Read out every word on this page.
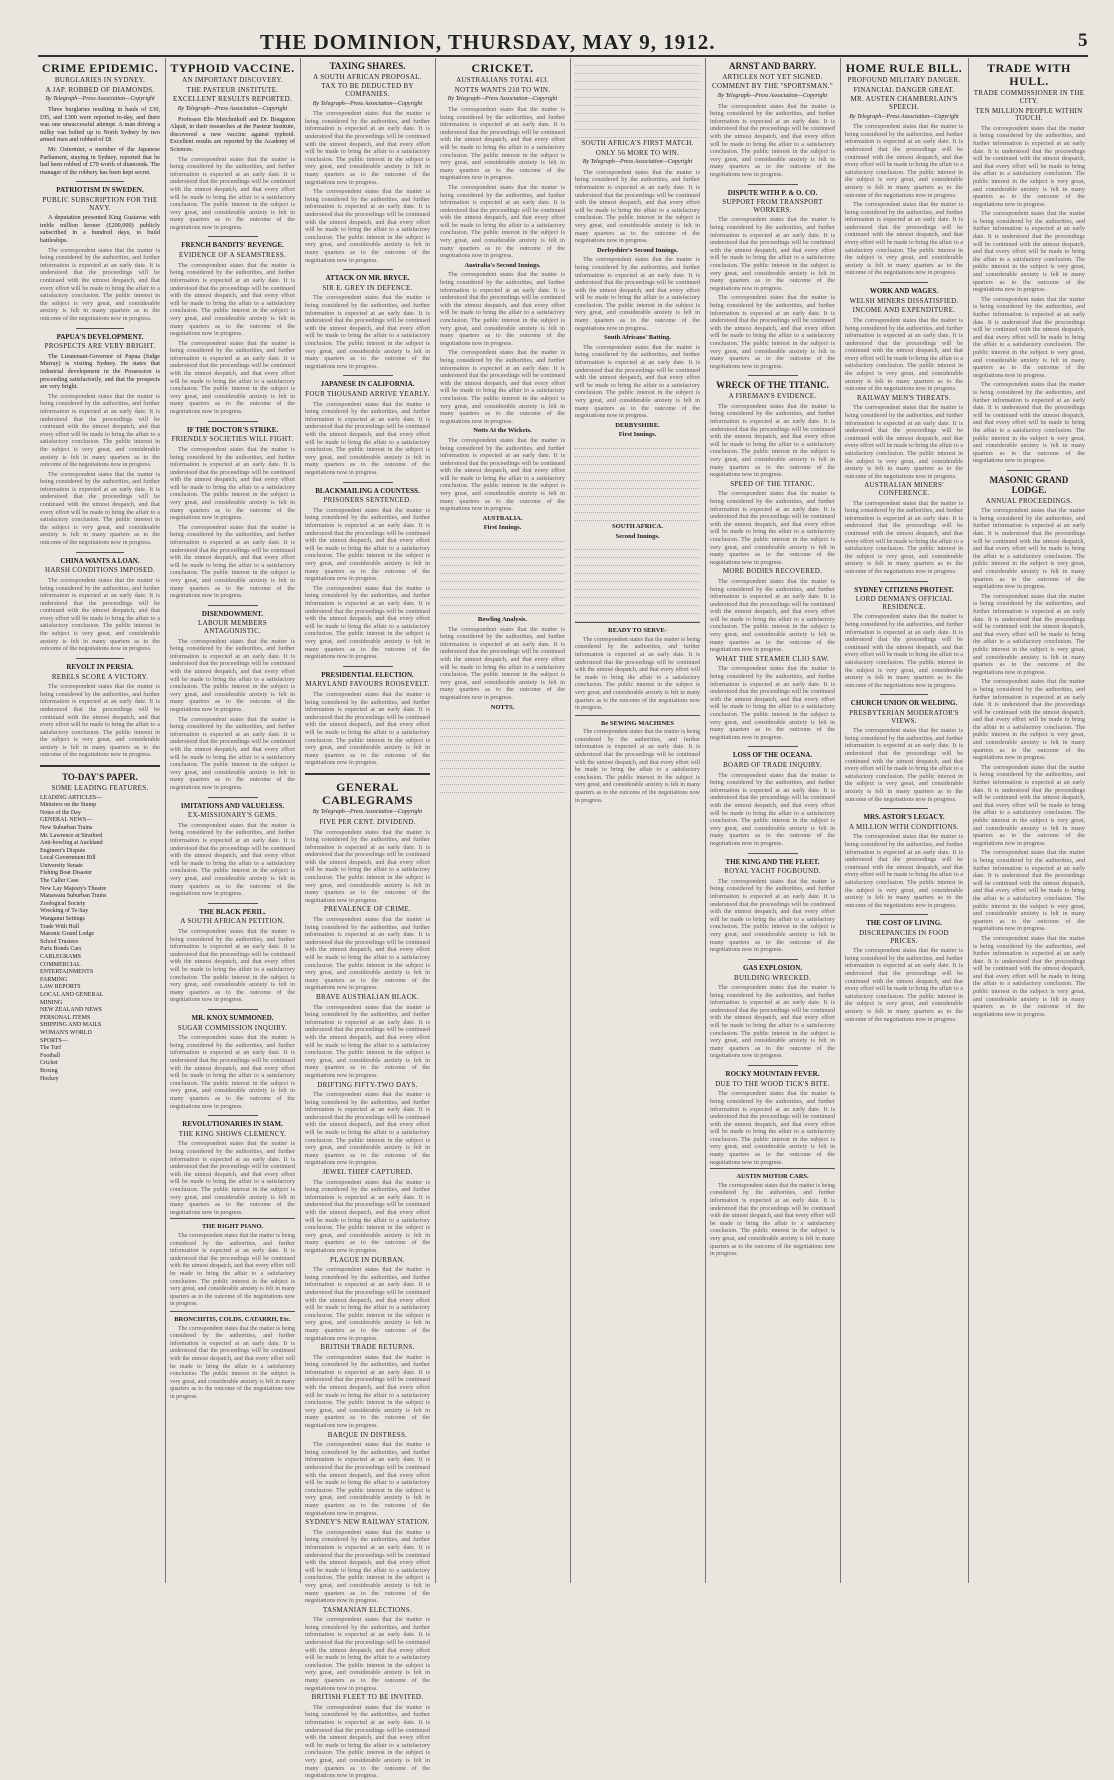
THE DOMINION, THURSDAY, MAY 9, 1912.	5
CRIME EPIDEMIC.
BURGLARIES IN SYDNEY.
A JAP. ROBBED OF DIAMONDS.
By Telegraph—Press Association—Copyright

Three burglaries resulting in hauls of £30, £95, and £300 were reported to-day, and there was one unsuccessful attempt. A man driving a milky van bolted up to North Sydney by two armed men and robbed of £8.

Mr. Ostermier, a member of the Japanese Parliament, staying in Sydney, reported that he had been robbed of £70 worth of diamonds. The manager of the robbery has been kept secret.

PATRIOTISM IN SWEDEN.
PUBLIC SUBSCRIPTION FOR THE NAVY.

A deputation presented King Gustavus with treble million kroner (£200,000) publicly subscribed in a hundred days, to build battleships.

The correspondent states that the matter is being considered by the authorities, and further information is expected at an early date. It is understood that the proceedings will be continued with the utmost despatch, and that every effort will be made to bring the affair to a satisfactory conclusion. The public interest in the subject is very great, and considerable anxiety is felt in many quarters as to the outcome of the negotiations now in progress.

PAPUA'S DEVELOPMENT.
PROSPECTS ARE VERY BRIGHT.

The Lieutenant-Governor of Papua (Judge Murray) is visiting Sydney. He states that industrial development in the Possession is proceeding satisfactorily, and that the prospects are very bright.

The correspondent states that the matter is being considered by the authorities, and further information is expected at an early date. It is understood that the proceedings will be continued with the utmost despatch, and that every effort will be made to bring the affair to a satisfactory conclusion. The public interest in the subject is very great, and considerable anxiety is felt in many quarters as to the outcome of the negotiations now in progress.

The correspondent states that the matter is being considered by the authorities, and further information is expected at an early date. It is understood that the proceedings will be continued with the utmost despatch, and that every effort will be made to bring the affair to a satisfactory conclusion. The public interest in the subject is very great, and considerable anxiety is felt in many quarters as to the outcome of the negotiations now in progress.

CHINA WANTS A LOAN.
HARSH CONDITIONS IMPOSED.

The correspondent states that the matter is being considered by the authorities, and further information is expected at an early date. It is understood that the proceedings will be continued with the utmost despatch, and that every effort will be made to bring the affair to a satisfactory conclusion. The public interest in the subject is very great, and considerable anxiety is felt in many quarters as to the outcome of the negotiations now in progress.

REVOLT IN PERSIA.
REBELS SCORE A VICTORY.

The correspondent states that the matter is being considered by the authorities, and further information is expected at an early date. It is understood that the proceedings will be continued with the utmost despatch, and that every effort will be made to bring the affair to a satisfactory conclusion. The public interest in the subject is very great, and considerable anxiety is felt in many quarters as to the outcome of the negotiations now in progress.

TO-DAY'S PAPER.
SOME LEADING FEATURES.
LEADING ARTICLES—
Ministers on the Stump
Notes of the Day
GENERAL NEWS—
New Suburban Trains
Mr. Lawrence at Stratford
Anti-bowling at Auckland
Engineer's Dispute
Local Government Bill
University Senate
Fishing Boat Disaster
The Caller Case
New Lay Majesty's Theatre
Manawatu Suburban Trains
Zoological Society
Wrecking of Te-Say
Wanganui Settings
Trade With Hull
Masonic Grand Lodge
School Trustees
Paris Bonds Cars
CABLEGRAMS
COMMERCIAL
ENTERTAINMENTS
FARMING
LAW REPORTS
LOCAL AND GENERAL
MINING
NEW ZEALAND NEWS
PERSONAL ITEMS
SHIPPING AND MAILS
WOMAN'S WORLD
SPORTS—
The Turf
Football
Cricket
Boxing
Hockey
TYPHOID VACCINE.
AN IMPORTANT DISCOVERY.
THE PASTEUR INSTITUTE.
EXCELLENT RESULTS REPORTED.
By Telegraph—Press Association—Copyright

Professor Elie Metchnikoff and Dr. Bouguton Alquit, in their researches at the Pasteur Institute, discovered a new vaccine against typhoid. Excellent results are reported by the Academy of Sciences.

The correspondent states that the matter is being considered by the authorities, and further information is expected at an early date. It is understood that the proceedings will be continued with the utmost despatch, and that every effort will be made to bring the affair to a satisfactory conclusion. The public interest in the subject is very great, and considerable anxiety is felt in many quarters as to the outcome of the negotiations now in progress.

FRENCH BANDITS' REVENGE.
EVIDENCE OF A SEAMSTRESS.

The correspondent states that the matter is being considered by the authorities, and further information is expected at an early date. It is understood that the proceedings will be continued with the utmost despatch, and that every effort will be made to bring the affair to a satisfactory conclusion. The public interest in the subject is very great, and considerable anxiety is felt in many quarters as to the outcome of the negotiations now in progress.

The correspondent states that the matter is being considered by the authorities, and further information is expected at an early date. It is understood that the proceedings will be continued with the utmost despatch, and that every effort will be made to bring the affair to a satisfactory conclusion. The public interest in the subject is very great, and considerable anxiety is felt in many quarters as to the outcome of the negotiations now in progress.

IF THE DOCTOR'S STRIKE.
FRIENDLY SOCIETIES WILL FIGHT.

The correspondent states that the matter is being considered by the authorities, and further information is expected at an early date. It is understood that the proceedings will be continued with the utmost despatch, and that every effort will be made to bring the affair to a satisfactory conclusion. The public interest in the subject is very great, and considerable anxiety is felt in many quarters as to the outcome of the negotiations now in progress.

The correspondent states that the matter is being considered by the authorities, and further information is expected at an early date. It is understood that the proceedings will be continued with the utmost despatch, and that every effort will be made to bring the affair to a satisfactory conclusion. The public interest in the subject is very great, and considerable anxiety is felt in many quarters as to the outcome of the negotiations now in progress.

DISENDOWMENT.
LABOUR MEMBERS ANTAGONISTIC.

The correspondent states that the matter is being considered by the authorities, and further information is expected at an early date. It is understood that the proceedings will be continued with the utmost despatch, and that every effort will be made to bring the affair to a satisfactory conclusion. The public interest in the subject is very great, and considerable anxiety is felt in many quarters as to the outcome of the negotiations now in progress.

The correspondent states that the matter is being considered by the authorities, and further information is expected at an early date. It is understood that the proceedings will be continued with the utmost despatch, and that every effort will be made to bring the affair to a satisfactory conclusion. The public interest in the subject is very great, and considerable anxiety is felt in many quarters as to the outcome of the negotiations now in progress.

IMITATIONS AND VALUELESS.
EX-MISSIONARY'S GEMS.

The correspondent states that the matter is being considered by the authorities, and further information is expected at an early date. It is understood that the proceedings will be continued with the utmost despatch, and that every effort will be made to bring the affair to a satisfactory conclusion. The public interest in the subject is very great, and considerable anxiety is felt in many quarters as to the outcome of the negotiations now in progress.

THE BLACK PERIL.
A SOUTH AFRICAN PETITION.

The correspondent states that the matter is being considered by the authorities, and further information is expected at an early date. It is understood that the proceedings will be continued with the utmost despatch, and that every effort will be made to bring the affair to a satisfactory conclusion. The public interest in the subject is very great, and considerable anxiety is felt in many quarters as to the outcome of the negotiations now in progress.

MR. KNOX SUMMONED.
SUGAR COMMISSION INQUIRY.

The correspondent states that the matter is being considered by the authorities, and further information is expected at an early date. It is understood that the proceedings will be continued with the utmost despatch, and that every effort will be made to bring the affair to a satisfactory conclusion. The public interest in the subject is very great, and considerable anxiety is felt in many quarters as to the outcome of the negotiations now in progress.

REVOLUTIONARIES IN SIAM.
THE KING SHOWS CLEMENCY.

The correspondent states that the matter is being considered by the authorities, and further information is expected at an early date. It is understood that the proceedings will be continued with the utmost despatch, and that every effort will be made to bring the affair to a satisfactory conclusion. The public interest in the subject is very great, and considerable anxiety is felt in many quarters as to the outcome of the negotiations now in progress.

THE RIGHT PIANO.

The correspondent states that the matter is being considered by the authorities, and further information is expected at an early date. It is understood that the proceedings will be continued with the utmost despatch, and that every effort will be made to bring the affair to a satisfactory conclusion. The public interest in the subject is very great, and considerable anxiety is felt in many quarters as to the outcome of the negotiations now in progress.

BRONCHITIS, COLDS, CATARRH, Etc.

The correspondent states that the matter is being considered by the authorities, and further information is expected at an early date. It is understood that the proceedings will be continued with the utmost despatch, and that every effort will be made to bring the affair to a satisfactory conclusion. The public interest in the subject is very great, and considerable anxiety is felt in many quarters as to the outcome of the negotiations now in progress.

TAXING SHARES.
A SOUTH AFRICAN PROPOSAL.
TAX TO BE DEDUCTED BY COMPANIES.
By Telegraph—Press Association—Copyright

The correspondent states that the matter is being considered by the authorities, and further information is expected at an early date. It is understood that the proceedings will be continued with the utmost despatch, and that every effort will be made to bring the affair to a satisfactory conclusion. The public interest in the subject is very great, and considerable anxiety is felt in many quarters as to the outcome of the negotiations now in progress.

The correspondent states that the matter is being considered by the authorities, and further information is expected at an early date. It is understood that the proceedings will be continued with the utmost despatch, and that every effort will be made to bring the affair to a satisfactory conclusion. The public interest in the subject is very great, and considerable anxiety is felt in many quarters as to the outcome of the negotiations now in progress.

ATTACK ON MR. BRYCE.
SIR E. GREY IN DEFENCE.

The correspondent states that the matter is being considered by the authorities, and further information is expected at an early date. It is understood that the proceedings will be continued with the utmost despatch, and that every effort will be made to bring the affair to a satisfactory conclusion. The public interest in the subject is very great, and considerable anxiety is felt in many quarters as to the outcome of the negotiations now in progress.

JAPANESE IN CALIFORNIA.
FOUR THOUSAND ARRIVE YEARLY.

The correspondent states that the matter is being considered by the authorities, and further information is expected at an early date. It is understood that the proceedings will be continued with the utmost despatch, and that every effort will be made to bring the affair to a satisfactory conclusion. The public interest in the subject is very great, and considerable anxiety is felt in many quarters as to the outcome of the negotiations now in progress.

BLACKMAILING A COUNTESS.
PRISONERS SENTENCED.

The correspondent states that the matter is being considered by the authorities, and further information is expected at an early date. It is understood that the proceedings will be continued with the utmost despatch, and that every effort will be made to bring the affair to a satisfactory conclusion. The public interest in the subject is very great, and considerable anxiety is felt in many quarters as to the outcome of the negotiations now in progress.

The correspondent states that the matter is being considered by the authorities, and further information is expected at an early date. It is understood that the proceedings will be continued with the utmost despatch, and that every effort will be made to bring the affair to a satisfactory conclusion. The public interest in the subject is very great, and considerable anxiety is felt in many quarters as to the outcome of the negotiations now in progress.

PRESIDENTIAL ELECTION.
MARYLAND FAVOURS ROOSEVELT.

The correspondent states that the matter is being considered by the authorities, and further information is expected at an early date. It is understood that the proceedings will be continued with the utmost despatch, and that every effort will be made to bring the affair to a satisfactory conclusion. The public interest in the subject is very great, and considerable anxiety is felt in many quarters as to the outcome of the negotiations now in progress.

GENERAL CABLEGRAMS
By Telegraph—Press Association—Copyright
FIVE PER CENT. DIVIDEND.

The correspondent states that the matter is being considered by the authorities, and further information is expected at an early date. It is understood that the proceedings will be continued with the utmost despatch, and that every effort will be made to bring the affair to a satisfactory conclusion. The public interest in the subject is very great, and considerable anxiety is felt in many quarters as to the outcome of the negotiations now in progress.

PREVALENCE OF CRIME.

The correspondent states that the matter is being considered by the authorities, and further information is expected at an early date. It is understood that the proceedings will be continued with the utmost despatch, and that every effort will be made to bring the affair to a satisfactory conclusion. The public interest in the subject is very great, and considerable anxiety is felt in many quarters as to the outcome of the negotiations now in progress.

BRAVE AUSTRALIAN BLACK.

The correspondent states that the matter is being considered by the authorities, and further information is expected at an early date. It is understood that the proceedings will be continued with the utmost despatch, and that every effort will be made to bring the affair to a satisfactory conclusion. The public interest in the subject is very great, and considerable anxiety is felt in many quarters as to the outcome of the negotiations now in progress.

DRIFTING FIFTY-TWO DAYS.

The correspondent states that the matter is being considered by the authorities, and further information is expected at an early date. It is understood that the proceedings will be continued with the utmost despatch, and that every effort will be made to bring the affair to a satisfactory conclusion. The public interest in the subject is very great, and considerable anxiety is felt in many quarters as to the outcome of the negotiations now in progress.

JEWEL THIEF CAPTURED.

The correspondent states that the matter is being considered by the authorities, and further information is expected at an early date. It is understood that the proceedings will be continued with the utmost despatch, and that every effort will be made to bring the affair to a satisfactory conclusion. The public interest in the subject is very great, and considerable anxiety is felt in many quarters as to the outcome of the negotiations now in progress.

PLAGUE IN DURBAN.

The correspondent states that the matter is being considered by the authorities, and further information is expected at an early date. It is understood that the proceedings will be continued with the utmost despatch, and that every effort will be made to bring the affair to a satisfactory conclusion. The public interest in the subject is very great, and considerable anxiety is felt in many quarters as to the outcome of the negotiations now in progress.

BRITISH TRADE RETURNS.

The correspondent states that the matter is being considered by the authorities, and further information is expected at an early date. It is understood that the proceedings will be continued with the utmost despatch, and that every effort will be made to bring the affair to a satisfactory conclusion. The public interest in the subject is very great, and considerable anxiety is felt in many quarters as to the outcome of the negotiations now in progress.

BARQUE IN DISTRESS.

The correspondent states that the matter is being considered by the authorities, and further information is expected at an early date. It is understood that the proceedings will be continued with the utmost despatch, and that every effort will be made to bring the affair to a satisfactory conclusion. The public interest in the subject is very great, and considerable anxiety is felt in many quarters as to the outcome of the negotiations now in progress.

SYDNEY'S NEW RAILWAY STATION.

The correspondent states that the matter is being considered by the authorities, and further information is expected at an early date. It is understood that the proceedings will be continued with the utmost despatch, and that every effort will be made to bring the affair to a satisfactory conclusion. The public interest in the subject is very great, and considerable anxiety is felt in many quarters as to the outcome of the negotiations now in progress.

TASMANIAN ELECTIONS.

The correspondent states that the matter is being considered by the authorities, and further information is expected at an early date. It is understood that the proceedings will be continued with the utmost despatch, and that every effort will be made to bring the affair to a satisfactory conclusion. The public interest in the subject is very great, and considerable anxiety is felt in many quarters as to the outcome of the negotiations now in progress.

BRITISH FLEET TO BE INVITED.

The correspondent states that the matter is being considered by the authorities, and further information is expected at an early date. It is understood that the proceedings will be continued with the utmost despatch, and that every effort will be made to bring the affair to a satisfactory conclusion. The public interest in the subject is very great, and considerable anxiety is felt in many quarters as to the outcome of the negotiations now in progress.

CRICKET.
AUSTRALIANS TOTAL 413.
NOTTS WANTS 210 TO WIN.
By Telegraph—Press Association—Copyright

The correspondent states that the matter is being considered by the authorities, and further information is expected at an early date. It is understood that the proceedings will be continued with the utmost despatch, and that every effort will be made to bring the affair to a satisfactory conclusion. The public interest in the subject is very great, and considerable anxiety is felt in many quarters as to the outcome of the negotiations now in progress.

The correspondent states that the matter is being considered by the authorities, and further information is expected at an early date. It is understood that the proceedings will be continued with the utmost despatch, and that every effort will be made to bring the affair to a satisfactory conclusion. The public interest in the subject is very great, and considerable anxiety is felt in many quarters as to the outcome of the negotiations now in progress.

Australia's Second Innings.

The correspondent states that the matter is being considered by the authorities, and further information is expected at an early date. It is understood that the proceedings will be continued with the utmost despatch, and that every effort will be made to bring the affair to a satisfactory conclusion. The public interest in the subject is very great, and considerable anxiety is felt in many quarters as to the outcome of the negotiations now in progress.

The correspondent states that the matter is being considered by the authorities, and further information is expected at an early date. It is understood that the proceedings will be continued with the utmost despatch, and that every effort will be made to bring the affair to a satisfactory conclusion. The public interest in the subject is very great, and considerable anxiety is felt in many quarters as to the outcome of the negotiations now in progress.

Notts At the Wickets.

The correspondent states that the matter is being considered by the authorities, and further information is expected at an early date. It is understood that the proceedings will be continued with the utmost despatch, and that every effort will be made to bring the affair to a satisfactory conclusion. The public interest in the subject is very great, and considerable anxiety is felt in many quarters as to the outcome of the negotiations now in progress.

AUSTRALIA.
First Innings.
Bowling Analysis.

The correspondent states that the matter is being considered by the authorities, and further information is expected at an early date. It is understood that the proceedings will be continued with the utmost despatch, and that every effort will be made to bring the affair to a satisfactory conclusion. The public interest in the subject is very great, and considerable anxiety is felt in many quarters as to the outcome of the negotiations now in progress.

NOTTS.
SOUTH AFRICA'S FIRST MATCH.
ONLY 56 MORE TO WIN.
By Telegraph—Press Association—Copyright

The correspondent states that the matter is being considered by the authorities, and further information is expected at an early date. It is understood that the proceedings will be continued with the utmost despatch, and that every effort will be made to bring the affair to a satisfactory conclusion. The public interest in the subject is very great, and considerable anxiety is felt in many quarters as to the outcome of the negotiations now in progress.

Derbyshire's Second Innings.

The correspondent states that the matter is being considered by the authorities, and further information is expected at an early date. It is understood that the proceedings will be continued with the utmost despatch, and that every effort will be made to bring the affair to a satisfactory conclusion. The public interest in the subject is very great, and considerable anxiety is felt in many quarters as to the outcome of the negotiations now in progress.

South Africans' Batting.

The correspondent states that the matter is being considered by the authorities, and further information is expected at an early date. It is understood that the proceedings will be continued with the utmost despatch, and that every effort will be made to bring the affair to a satisfactory conclusion. The public interest in the subject is very great, and considerable anxiety is felt in many quarters as to the outcome of the negotiations now in progress.

DERBYSHIRE.
First Innings.
SOUTH AFRICA.
Second Innings.
READY TO SERVE-

The correspondent states that the matter is being considered by the authorities, and further information is expected at an early date. It is understood that the proceedings will be continued with the utmost despatch, and that every effort will be made to bring the affair to a satisfactory conclusion. The public interest in the subject is very great, and considerable anxiety is felt in many quarters as to the outcome of the negotiations now in progress.

Be SEWING MACHINES

The correspondent states that the matter is being considered by the authorities, and further information is expected at an early date. It is understood that the proceedings will be continued with the utmost despatch, and that every effort will be made to bring the affair to a satisfactory conclusion. The public interest in the subject is very great, and considerable anxiety is felt in many quarters as to the outcome of the negotiations now in progress.

ARNST AND BARRY.
ARTICLES NOT YET SIGNED.
COMMENT BY THE "SPORTSMAN."
By Telegraph—Press Association—Copyright

The correspondent states that the matter is being considered by the authorities, and further information is expected at an early date. It is understood that the proceedings will be continued with the utmost despatch, and that every effort will be made to bring the affair to a satisfactory conclusion. The public interest in the subject is very great, and considerable anxiety is felt in many quarters as to the outcome of the negotiations now in progress.

DISPUTE WITH P. & O. CO.
SUPPORT FROM TRANSPORT WORKERS.

The correspondent states that the matter is being considered by the authorities, and further information is expected at an early date. It is understood that the proceedings will be continued with the utmost despatch, and that every effort will be made to bring the affair to a satisfactory conclusion. The public interest in the subject is very great, and considerable anxiety is felt in many quarters as to the outcome of the negotiations now in progress.

The correspondent states that the matter is being considered by the authorities, and further information is expected at an early date. It is understood that the proceedings will be continued with the utmost despatch, and that every effort will be made to bring the affair to a satisfactory conclusion. The public interest in the subject is very great, and considerable anxiety is felt in many quarters as to the outcome of the negotiations now in progress.

WRECK OF THE TITANIC.
A FIREMAN'S EVIDENCE.

The correspondent states that the matter is being considered by the authorities, and further information is expected at an early date. It is understood that the proceedings will be continued with the utmost despatch, and that every effort will be made to bring the affair to a satisfactory conclusion. The public interest in the subject is very great, and considerable anxiety is felt in many quarters as to the outcome of the negotiations now in progress.

SPEED OF THE TITANIC.

The correspondent states that the matter is being considered by the authorities, and further information is expected at an early date. It is understood that the proceedings will be continued with the utmost despatch, and that every effort will be made to bring the affair to a satisfactory conclusion. The public interest in the subject is very great, and considerable anxiety is felt in many quarters as to the outcome of the negotiations now in progress.

MORE BODIES RECOVERED.

The correspondent states that the matter is being considered by the authorities, and further information is expected at an early date. It is understood that the proceedings will be continued with the utmost despatch, and that every effort will be made to bring the affair to a satisfactory conclusion. The public interest in the subject is very great, and considerable anxiety is felt in many quarters as to the outcome of the negotiations now in progress.

WHAT THE STEAMER CLIO SAW.

The correspondent states that the matter is being considered by the authorities, and further information is expected at an early date. It is understood that the proceedings will be continued with the utmost despatch, and that every effort will be made to bring the affair to a satisfactory conclusion. The public interest in the subject is very great, and considerable anxiety is felt in many quarters as to the outcome of the negotiations now in progress.

LOSS OF THE OCEANA.
BOARD OF TRADE INQUIRY.

The correspondent states that the matter is being considered by the authorities, and further information is expected at an early date. It is understood that the proceedings will be continued with the utmost despatch, and that every effort will be made to bring the affair to a satisfactory conclusion. The public interest in the subject is very great, and considerable anxiety is felt in many quarters as to the outcome of the negotiations now in progress.

THE KING AND THE FLEET.
ROYAL YACHT FOGBOUND.

The correspondent states that the matter is being considered by the authorities, and further information is expected at an early date. It is understood that the proceedings will be continued with the utmost despatch, and that every effort will be made to bring the affair to a satisfactory conclusion. The public interest in the subject is very great, and considerable anxiety is felt in many quarters as to the outcome of the negotiations now in progress.

GAS EXPLOSION.
BUILDING WRECKED.

The correspondent states that the matter is being considered by the authorities, and further information is expected at an early date. It is understood that the proceedings will be continued with the utmost despatch, and that every effort will be made to bring the affair to a satisfactory conclusion. The public interest in the subject is very great, and considerable anxiety is felt in many quarters as to the outcome of the negotiations now in progress.

ROCKY MOUNTAIN FEVER.
DUE TO THE WOOD TICK'S BITE.

The correspondent states that the matter is being considered by the authorities, and further information is expected at an early date. It is understood that the proceedings will be continued with the utmost despatch, and that every effort will be made to bring the affair to a satisfactory conclusion. The public interest in the subject is very great, and considerable anxiety is felt in many quarters as to the outcome of the negotiations now in progress.

AUSTIN MOTOR CARS.

The correspondent states that the matter is being considered by the authorities, and further information is expected at an early date. It is understood that the proceedings will be continued with the utmost despatch, and that every effort will be made to bring the affair to a satisfactory conclusion. The public interest in the subject is very great, and considerable anxiety is felt in many quarters as to the outcome of the negotiations now in progress.

HOME RULE BILL.
PROFOUND MILITARY DANGER.
FINANCIAL DANGER GREAT.
MR. AUSTEN CHAMBERLAIN'S SPEECH.
By Telegraph—Press Association—Copyright

The correspondent states that the matter is being considered by the authorities, and further information is expected at an early date. It is understood that the proceedings will be continued with the utmost despatch, and that every effort will be made to bring the affair to a satisfactory conclusion. The public interest in the subject is very great, and considerable anxiety is felt in many quarters as to the outcome of the negotiations now in progress.

The correspondent states that the matter is being considered by the authorities, and further information is expected at an early date. It is understood that the proceedings will be continued with the utmost despatch, and that every effort will be made to bring the affair to a satisfactory conclusion. The public interest in the subject is very great, and considerable anxiety is felt in many quarters as to the outcome of the negotiations now in progress.

WORK AND WAGES.
WELSH MINERS DISSATISFIED.
INCOME AND EXPENDITURE.

The correspondent states that the matter is being considered by the authorities, and further information is expected at an early date. It is understood that the proceedings will be continued with the utmost despatch, and that every effort will be made to bring the affair to a satisfactory conclusion. The public interest in the subject is very great, and considerable anxiety is felt in many quarters as to the outcome of the negotiations now in progress.

RAILWAY MEN'S THREATS.

The correspondent states that the matter is being considered by the authorities, and further information is expected at an early date. It is understood that the proceedings will be continued with the utmost despatch, and that every effort will be made to bring the affair to a satisfactory conclusion. The public interest in the subject is very great, and considerable anxiety is felt in many quarters as to the outcome of the negotiations now in progress.

AUSTRALIAN MINERS' CONFERENCE.

The correspondent states that the matter is being considered by the authorities, and further information is expected at an early date. It is understood that the proceedings will be continued with the utmost despatch, and that every effort will be made to bring the affair to a satisfactory conclusion. The public interest in the subject is very great, and considerable anxiety is felt in many quarters as to the outcome of the negotiations now in progress.

SYDNEY CITIZENS PROTEST.
LORD DENMAN'S OFFICIAL RESIDENCE.

The correspondent states that the matter is being considered by the authorities, and further information is expected at an early date. It is understood that the proceedings will be continued with the utmost despatch, and that every effort will be made to bring the affair to a satisfactory conclusion. The public interest in the subject is very great, and considerable anxiety is felt in many quarters as to the outcome of the negotiations now in progress.

CHURCH UNION OR WELDING.
PRESBYTERIAN MODERATOR'S VIEWS.

The correspondent states that the matter is being considered by the authorities, and further information is expected at an early date. It is understood that the proceedings will be continued with the utmost despatch, and that every effort will be made to bring the affair to a satisfactory conclusion. The public interest in the subject is very great, and considerable anxiety is felt in many quarters as to the outcome of the negotiations now in progress.

MRS. ASTOR'S LEGACY.
A MILLION WITH CONDITIONS.

The correspondent states that the matter is being considered by the authorities, and further information is expected at an early date. It is understood that the proceedings will be continued with the utmost despatch, and that every effort will be made to bring the affair to a satisfactory conclusion. The public interest in the subject is very great, and considerable anxiety is felt in many quarters as to the outcome of the negotiations now in progress.

THE COST OF LIVING.
DISCREPANCIES IN FOOD PRICES.

The correspondent states that the matter is being considered by the authorities, and further information is expected at an early date. It is understood that the proceedings will be continued with the utmost despatch, and that every effort will be made to bring the affair to a satisfactory conclusion. The public interest in the subject is very great, and considerable anxiety is felt in many quarters as to the outcome of the negotiations now in progress.

TRADE WITH HULL.
TRADE COMMISSIONER IN THE CITY.
TEN MILLION PEOPLE WITHIN TOUCH.

The correspondent states that the matter is being considered by the authorities, and further information is expected at an early date. It is understood that the proceedings will be continued with the utmost despatch, and that every effort will be made to bring the affair to a satisfactory conclusion. The public interest in the subject is very great, and considerable anxiety is felt in many quarters as to the outcome of the negotiations now in progress.

The correspondent states that the matter is being considered by the authorities, and further information is expected at an early date. It is understood that the proceedings will be continued with the utmost despatch, and that every effort will be made to bring the affair to a satisfactory conclusion. The public interest in the subject is very great, and considerable anxiety is felt in many quarters as to the outcome of the negotiations now in progress.

The correspondent states that the matter is being considered by the authorities, and further information is expected at an early date. It is understood that the proceedings will be continued with the utmost despatch, and that every effort will be made to bring the affair to a satisfactory conclusion. The public interest in the subject is very great, and considerable anxiety is felt in many quarters as to the outcome of the negotiations now in progress.

The correspondent states that the matter is being considered by the authorities, and further information is expected at an early date. It is understood that the proceedings will be continued with the utmost despatch, and that every effort will be made to bring the affair to a satisfactory conclusion. The public interest in the subject is very great, and considerable anxiety is felt in many quarters as to the outcome of the negotiations now in progress.

MASONIC GRAND LODGE.
ANNUAL PROCEEDINGS.

The correspondent states that the matter is being considered by the authorities, and further information is expected at an early date. It is understood that the proceedings will be continued with the utmost despatch, and that every effort will be made to bring the affair to a satisfactory conclusion. The public interest in the subject is very great, and considerable anxiety is felt in many quarters as to the outcome of the negotiations now in progress.

The correspondent states that the matter is being considered by the authorities, and further information is expected at an early date. It is understood that the proceedings will be continued with the utmost despatch, and that every effort will be made to bring the affair to a satisfactory conclusion. The public interest in the subject is very great, and considerable anxiety is felt in many quarters as to the outcome of the negotiations now in progress.

The correspondent states that the matter is being considered by the authorities, and further information is expected at an early date. It is understood that the proceedings will be continued with the utmost despatch, and that every effort will be made to bring the affair to a satisfactory conclusion. The public interest in the subject is very great, and considerable anxiety is felt in many quarters as to the outcome of the negotiations now in progress.

The correspondent states that the matter is being considered by the authorities, and further information is expected at an early date. It is understood that the proceedings will be continued with the utmost despatch, and that every effort will be made to bring the affair to a satisfactory conclusion. The public interest in the subject is very great, and considerable anxiety is felt in many quarters as to the outcome of the negotiations now in progress.

The correspondent states that the matter is being considered by the authorities, and further information is expected at an early date. It is understood that the proceedings will be continued with the utmost despatch, and that every effort will be made to bring the affair to a satisfactory conclusion. The public interest in the subject is very great, and considerable anxiety is felt in many quarters as to the outcome of the negotiations now in progress.

The correspondent states that the matter is being considered by the authorities, and further information is expected at an early date. It is understood that the proceedings will be continued with the utmost despatch, and that every effort will be made to bring the affair to a satisfactory conclusion. The public interest in the subject is very great, and considerable anxiety is felt in many quarters as to the outcome of the negotiations now in progress.
